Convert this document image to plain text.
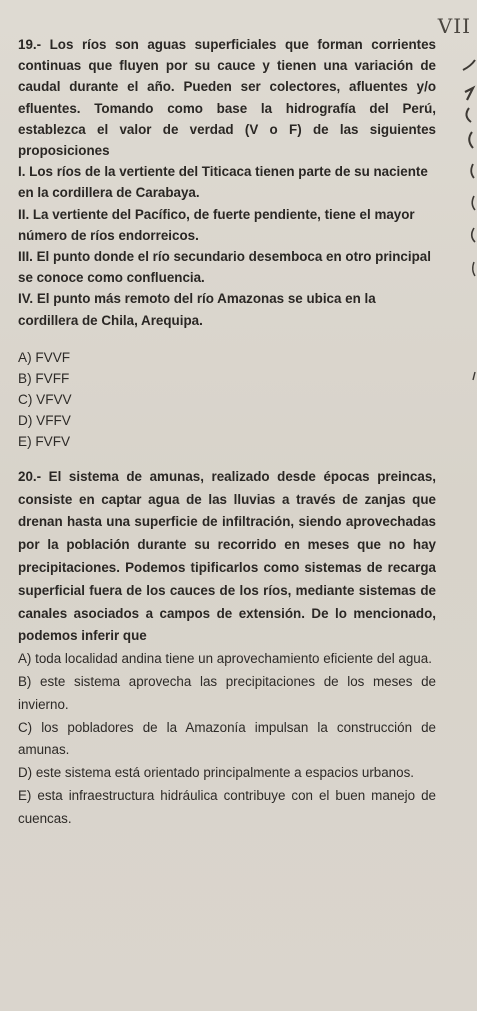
19.- Los ríos son aguas superficiales que forman corrientes continuas que fluyen por su cauce y tienen una variación de caudal durante el año. Pueden ser colectores, afluentes y/o efluentes. Tomando como base la hidrografía del Perú, establezca el valor de verdad (V o F) de las siguientes proposiciones

I. Los ríos de la vertiente del Titicaca tienen parte de su naciente en la cordillera de Carabaya.

II. La vertiente del Pacífico, de fuerte pendiente, tiene el mayor número de ríos endorreicos.

III. El punto donde el río secundario desemboca en otro principal se conoce como confluencia.

IV. El punto más remoto del río Amazonas se ubica en la cordillera de Chila, Arequipa.

A) FVVF
B) FVFF
C) VFVV
D) VFFV
E) FVFV

20.- El sistema de amunas, realizado desde épocas preincas, consiste en captar agua de las lluvias a través de zanjas que drenan hasta una superficie de infiltración, siendo aprovechadas por la población durante su recorrido en meses que no hay precipitaciones. Podemos tipificarlos como sistemas de recarga superficial fuera de los cauces de los ríos, mediante sistemas de canales asociados a campos de extensión. De lo mencionado, podemos inferir que

A) toda localidad andina tiene un aprovechamiento eficiente del agua.
B) este sistema aprovecha las precipitaciones de los meses de invierno.
C) los pobladores de la Amazonía impulsan la construcción de amunas.
D) este sistema está orientado principalmente a espacios urbanos.
E) esta infraestructura hidráulica contribuye con el buen manejo de cuencas.
VII
